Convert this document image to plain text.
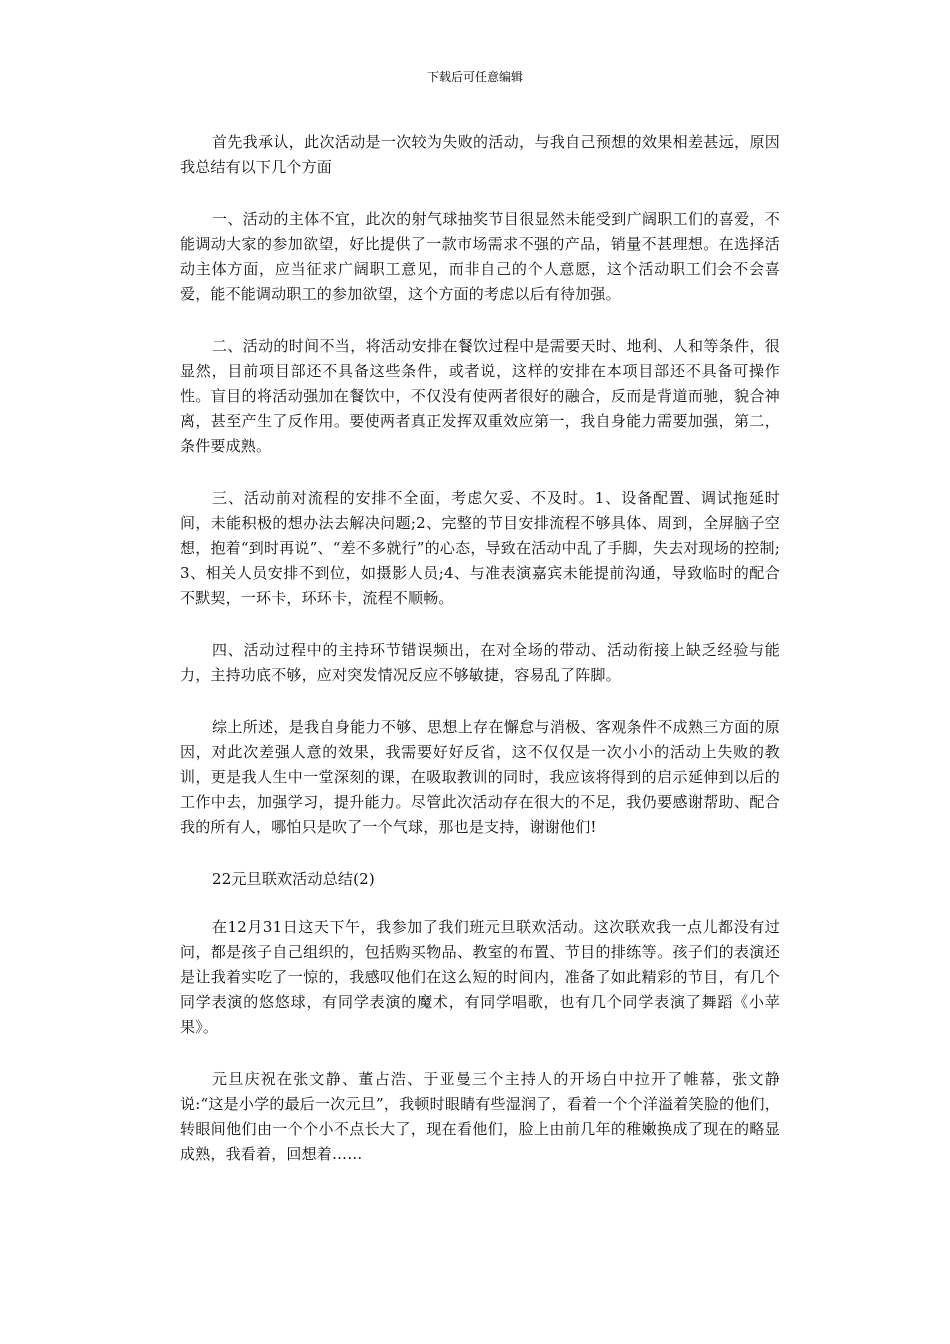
下载后可任意编辑

首先我承认，此次活动是一次较为失败的活动，与我自己预想的效果相差甚远，原因我总结有以下几个方面

一、活动的主体不宜，此次的射气球抽奖节目很显然未能受到广阔职工们的喜爱，不能调动大家的参加欲望，好比提供了一款市场需求不强的产品，销量不甚理想。在选择活动主体方面，应当征求广阔职工意见，而非自己的个人意愿，这个活动职工们会不会喜爱，能不能调动职工的参加欲望，这个方面的考虑以后有待加强。

二、活动的时间不当，将活动安排在餐饮过程中是需要天时、地利、人和等条件，很显然，目前项目部还不具备这些条件，或者说，这样的安排在本项目部还不具备可操作性。盲目的将活动强加在餐饮中，不仅没有使两者很好的融合，反而是背道而驰，貌合神离，甚至产生了反作用。要使两者真正发挥双重效应第一，我自身能力需要加强，第二，条件要成熟。

三、活动前对流程的安排不全面，考虑欠妥、不及时。1、设备配置、调试拖延时间，未能积极的想办法去解决问题;2、完整的节目安排流程不够具体、周到，全屏脑子空想，抱着“到时再说”、“差不多就行”的心态，导致在活动中乱了手脚，失去对现场的控制;3、相关人员安排不到位，如摄影人员;4、与准表演嘉宾未能提前沟通，导致临时的配合不默契，一环卡，环环卡，流程不顺畅。

四、活动过程中的主持环节错误频出，在对全场的带动、活动衔接上缺乏经验与能力，主持功底不够，应对突发情况反应不够敏捷，容易乱了阵脚。

综上所述，是我自身能力不够、思想上存在懈怠与消极、客观条件不成熟三方面的原因，对此次差强人意的效果，我需要好好反省，这不仅仅是一次小小的活动上失败的教训，更是我人生中一堂深刻的课，在吸取教训的同时，我应该将得到的启示延伸到以后的工作中去，加强学习，提升能力。尽管此次活动存在很大的不足，我仍要感谢帮助、配合我的所有人，哪怕只是吹了一个气球，那也是支持，谢谢他们!

22元旦联欢活动总结(2)

在12月31日这天下午，我参加了我们班元旦联欢活动。这次联欢我一点儿都没有过问，都是孩子自己组织的，包括购买物品、教室的布置、节目的排练等。孩子们的表演还是让我着实吃了一惊的，我感叹他们在这么短的时间内，准备了如此精彩的节目，有几个同学表演的悠悠球，有同学表演的魔术，有同学唱歌，也有几个同学表演了舞蹈《小苹果》。

元旦庆祝在张文静、董占浩、于亚曼三个主持人的开场白中拉开了帷幕，张文静说:“这是小学的最后一次元旦”，我顿时眼睛有些湿润了，看着一个个洋溢着笑脸的他们，转眼间他们由一个个小不点长大了，现在看他们，脸上由前几年的稚嫩换成了现在的略显成熟，我看着，回想着……
